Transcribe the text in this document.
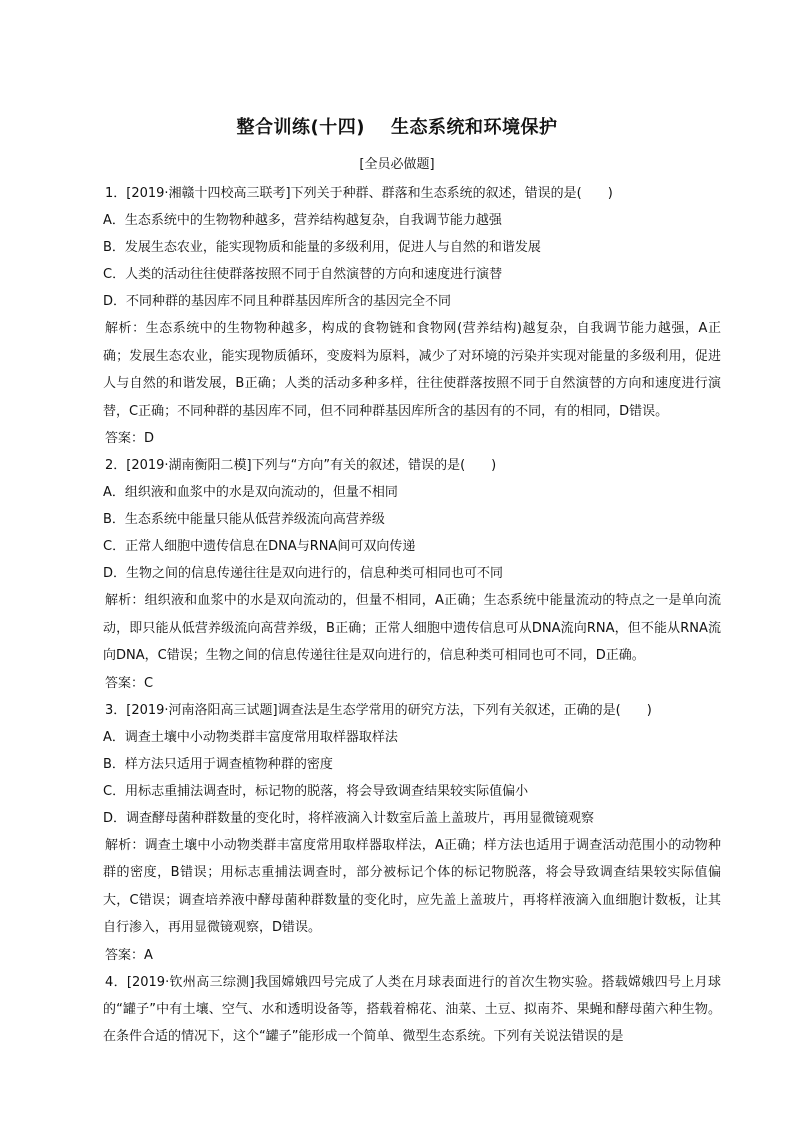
整合训练(十四) 生态系统和环境保护
[全员必做题]

1．[2019·湘赣十四校高三联考]下列关于种群、群落和生态系统的叙述，错误的是(　　)

A．生态系统中的生物物种越多，营养结构越复杂，自我调节能力越强

B．发展生态农业，能实现物质和能量的多级利用，促进人与自然的和谐发展

C．人类的活动往往使群落按照不同于自然演替的方向和速度进行演替

D．不同种群的基因库不同且种群基因库所含的基因完全不同

解析：生态系统中的生物物种越多，构成的食物链和食物网(营养结构)越复杂，自我调节能力越强，A正确；发展生态农业，能实现物质循环，变废料为原料，减少了对环境的污染并实现对能量的多级利用，促进人与自然的和谐发展，B正确；人类的活动多种多样，往往使群落按照不同于自然演替的方向和速度进行演替，C正确；不同种群的基因库不同，但不同种群基因库所含的基因有的不同，有的相同，D错误。

答案：D

2．[2019·湖南衡阳二模]下列与“方向”有关的叙述，错误的是(　　)

A．组织液和血浆中的水是双向流动的，但量不相同

B．生态系统中能量只能从低营养级流向高营养级

C．正常人细胞中遗传信息在DNA与RNA间可双向传递

D．生物之间的信息传递往往是双向进行的，信息种类可相同也可不同

解析：组织液和血浆中的水是双向流动的，但量不相同，A正确；生态系统中能量流动的特点之一是单向流动，即只能从低营养级流向高营养级，B正确；正常人细胞中遗传信息可从DNA流向RNA，但不能从RNA流向DNA，C错误；生物之间的信息传递往往是双向进行的，信息种类可相同也可不同，D正确。

答案：C

3．[2019·河南洛阳高三试题]调查法是生态学常用的研究方法，下列有关叙述，正确的是(　　)

A．调查土壤中小动物类群丰富度常用取样器取样法

B．样方法只适用于调查植物种群的密度

C．用标志重捕法调查时，标记物的脱落，将会导致调查结果较实际值偏小

D．调查酵母菌种群数量的变化时，将样液滴入计数室后盖上盖玻片，再用显微镜观察

解析：调查土壤中小动物类群丰富度常用取样器取样法，A正确；样方法也适用于调查活动范围小的动物种群的密度，B错误；用标志重捕法调查时，部分被标记个体的标记物脱落，将会导致调查结果较实际值偏大，C错误；调查培养液中酵母菌种群数量的变化时，应先盖上盖玻片，再将样液滴入血细胞计数板，让其自行渗入，再用显微镜观察，D错误。

答案：A

4．[2019·钦州高三综测]我国嫦娥四号完成了人类在月球表面进行的首次生物实验。搭载嫦娥四号上月球的“罐子”中有土壤、空气、水和透明设备等，搭载着棉花、油菜、土豆、拟南芥、果蝇和酵母菌六种生物。在条件合适的情况下，这个“罐子”能形成一个简单、微型生态系统。下列有关说法错误的是
